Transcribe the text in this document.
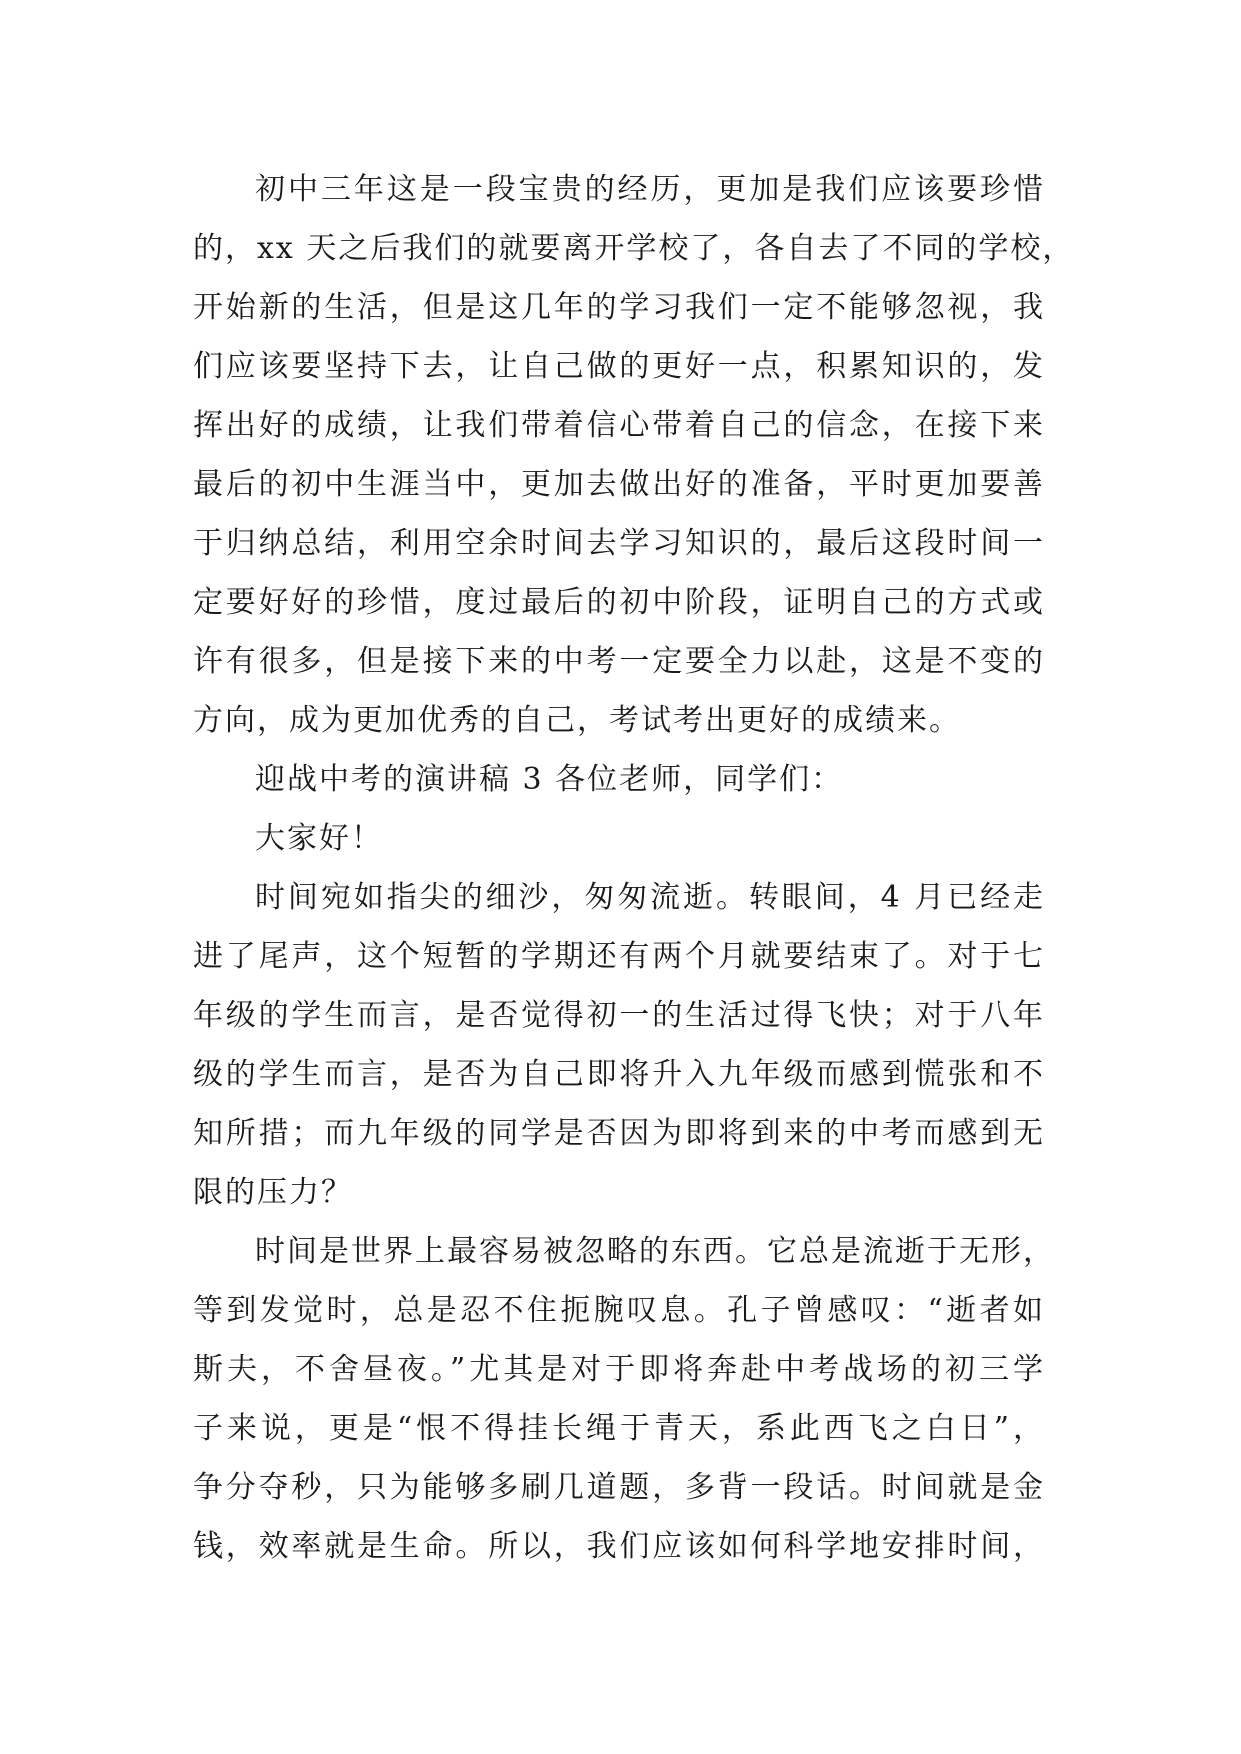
初中三年这是一段宝贵的经历，更加是我们应该要珍惜
的，xx 天之后我们的就要离开学校了，各自去了不同的学校，
开始新的生活，但是这几年的学习我们一定不能够忽视，我
们应该要坚持下去，让自己做的更好一点，积累知识的，发
挥出好的成绩，让我们带着信心带着自己的信念，在接下来
最后的初中生涯当中，更加去做出好的准备，平时更加要善
于归纳总结，利用空余时间去学习知识的，最后这段时间一
定要好好的珍惜，度过最后的初中阶段，证明自己的方式或
许有很多，但是接下来的中考一定要全力以赴，这是不变的
方向，成为更加优秀的自己，考试考出更好的成绩来。
迎战中考的演讲稿 3 各位老师，同学们：
大家好！
时间宛如指尖的细沙，匆匆流逝。转眼间，4 月已经走
进了尾声，这个短暂的学期还有两个月就要结束了。对于七
年级的学生而言，是否觉得初一的生活过得飞快；对于八年
级的学生而言，是否为自己即将升入九年级而感到慌张和不
知所措；而九年级的同学是否因为即将到来的中考而感到无
限的压力？
时间是世界上最容易被忽略的东西。它总是流逝于无形，
等到发觉时，总是忍不住扼腕叹息。孔子曾感叹：“逝者如
斯夫，不舍昼夜。”尤其是对于即将奔赴中考战场的初三学
子来说，更是“恨不得挂长绳于青天，系此西飞之白日”，
争分夺秒，只为能够多刷几道题，多背一段话。时间就是金
钱，效率就是生命。所以，我们应该如何科学地安排时间，
